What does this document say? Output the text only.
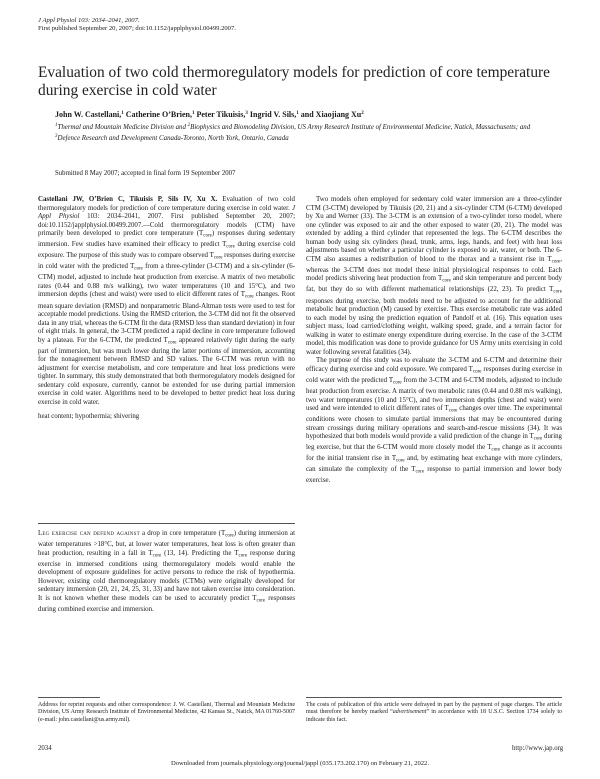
J Appl Physiol 103: 2034–2041, 2007.
First published September 20, 2007; doi:10.1152/japplphysiol.00499.2007.
Evaluation of two cold thermoregulatory models for prediction of core temperature during exercise in cold water
John W. Castellani,$^1$ Catherine O’Brien,$^1$ Peter Tikuisis,$^3$ Ingrid V. Sils,$^1$ and Xiaojiang Xu$^2$
$^1$Thermal and Mountain Medicine Division and $^2$Biophysics and Biomodeling Division, US Army Research Institute of Environmental Medicine, Natick, Massachusetts; and $^3$Defence Research and Development Canada-Toronto, North York, Ontario, Canada
Submitted 8 May 2007; accepted in final form 19 September 2007

Castellani JW, O’Brien C, Tikuisis P, Sils IV, Xu X. Evaluation of two cold thermoregulatory models for prediction of core temperature during exercise in cold water. J Appl Physiol 103: 2034–2041, 2007. First published September 20, 2007; doi:10.1152/japplphysiol.00499.2007.—Cold thermoregulatory models (CTM) have primarily been developed to predict core temperature $(T_{core})$ responses during sedentary immersion. Few studies have examined their efficacy to predict $T_{core}$ during exercise cold exposure. The purpose of this study was to compare observed $T_{core}$ responses during exercise in cold water with the predicted $T_{core}$ from a three-cylinder (3-CTM) and a six-cylinder (6-CTM) model, adjusted to include heat production from exercise. A matrix of two metabolic rates (0.44 and 0.88 m/s walking), two water temperatures (10 and 15°C), and two immersion depths (chest and waist) were used to elicit different rates of $T_{core}$ changes. Root mean square deviation (RMSD) and nonparametric Bland-Altman tests were used to test for acceptable model predictions. Using the RMSD criterion, the 3-CTM did not fit the observed data in any trial, whereas the 6-CTM fit the data (RMSD less than standard deviation) in four of eight trials. In general, the 3-CTM predicted a rapid decline in core temperature followed by a plateau. For the 6-CTM, the predicted $T_{core}$ appeared relatively tight during the early part of immersion, but was much lower during the latter portions of immersion, accounting for the nonagreement between RMSD and SD values. The 6-CTM was rerun with no adjustment for exercise metabolism, and core temperature and heat loss predictions were tighter. In summary, this study demonstrated that both thermoregulatory models designed for sedentary cold exposure, currently, cannot be extended for use during partial immersion exercise in cold water. Algorithms need to be developed to better predict heat loss during exercise in cold water.

heat content; hypothermia; shivering

Leg exercise can defend against a drop in core temperature $(T_{core})$ during immersion at water temperatures >18°C, but, at lower water temperatures, heat loss is often greater than heat production, resulting in a fall in $T_{core}$ (13, 14). Predicting the $T_{core}$ response during exercise in immersed conditions using thermoregulatory models would enable the development of exposure guidelines for active persons to reduce the risk of hypothermia. However, existing cold thermoregulatory models (CTMs) were originally developed for sedentary immersion (20, 21, 24, 25, 31, 33) and have not taken exercise into consideration. It is not known whether these models can be used to accurately predict $T_{core}$ responses during combined exercise and immersion.

Two models often employed for sedentary cold water immersion are a three-cylinder CTM (3-CTM) developed by Tikuisis (20, 21) and a six-cylinder CTM (6-CTM) developed by Xu and Werner (33). The 3-CTM is an extension of a two-cylinder torso model, where one cylinder was exposed to air and the other exposed to water (20, 21). The model was extended by adding a third cylinder that represented the legs. The 6-CTM describes the human body using six cylinders (head, trunk, arms, legs, hands, and feet) with heat loss adjustments based on whether a particular cylinder is exposed to air, water, or both. The 6-CTM also assumes a redistribution of blood to the thorax and a transient rise in $T_{core}$, whereas the 3-CTM does not model these initial physiological responses to cold. Each model predicts shivering heat production from $T_{core}$ and skin temperature and percent body fat, but they do so with different mathematical relationships (22, 23). To predict $T_{core}$ responses during exercise, both models need to be adjusted to account for the additional metabolic heat production (M) caused by exercise. Thus exercise metabolic rate was added to each model by using the prediction equation of Pandolf et al. (16). This equation uses subject mass, load carried/clothing weight, walking speed, grade, and a terrain factor for walking in water to estimate energy expenditure during exercise. In the case of the 3-CTM model, this modification was done to provide guidance for US Army units exercising in cold water following several fatalities (34).

The purpose of this study was to evaluate the 3-CTM and 6-CTM and determine their efficacy during exercise and cold exposure. We compared $T_{core}$ responses during exercise in cold water with the predicted $T_{core}$ from the 3-CTM and 6-CTM models, adjusted to include heat production from exercise. A matrix of two metabolic rates (0.44 and 0.88 m/s walking), two water temperatures (10 and 15°C), and two immersion depths (chest and waist) were used and were intended to elicit different rates of $T_{core}$ changes over time. The experimental conditions were chosen to simulate partial immersions that may be encountered during stream crossings during military operations and search-and-rescue missions (34). It was hypothesized that both models would provide a valid prediction of the change in $T_{core}$ during leg exercise, but that the 6-CTM would more closely model the $T_{core}$ change as it accounts for the initial transient rise in $T_{core}$ and, by estimating heat exchange with more cylinders, can simulate the complexity of the $T_{core}$ response to partial immersion and lower body exercise.

Address for reprint requests and other correspondence: J. W. Castellani, Thermal and Mountain Medicine Division, US Army Research Institute of Environmental Medicine, 42 Kansas St., Natick, MA 01760-5007 (e-mail: john.castellani@us.army.mil).
The costs of publication of this article were defrayed in part by the payment of page charges. The article must therefore be hereby marked “advertisement” in accordance with 18 U.S.C. Section 1734 solely to indicate this fact.
2034	http://www.jap.org
Downloaded from journals.physiology.org/journal/jappl (035.173.202.170) on February 21, 2022.
